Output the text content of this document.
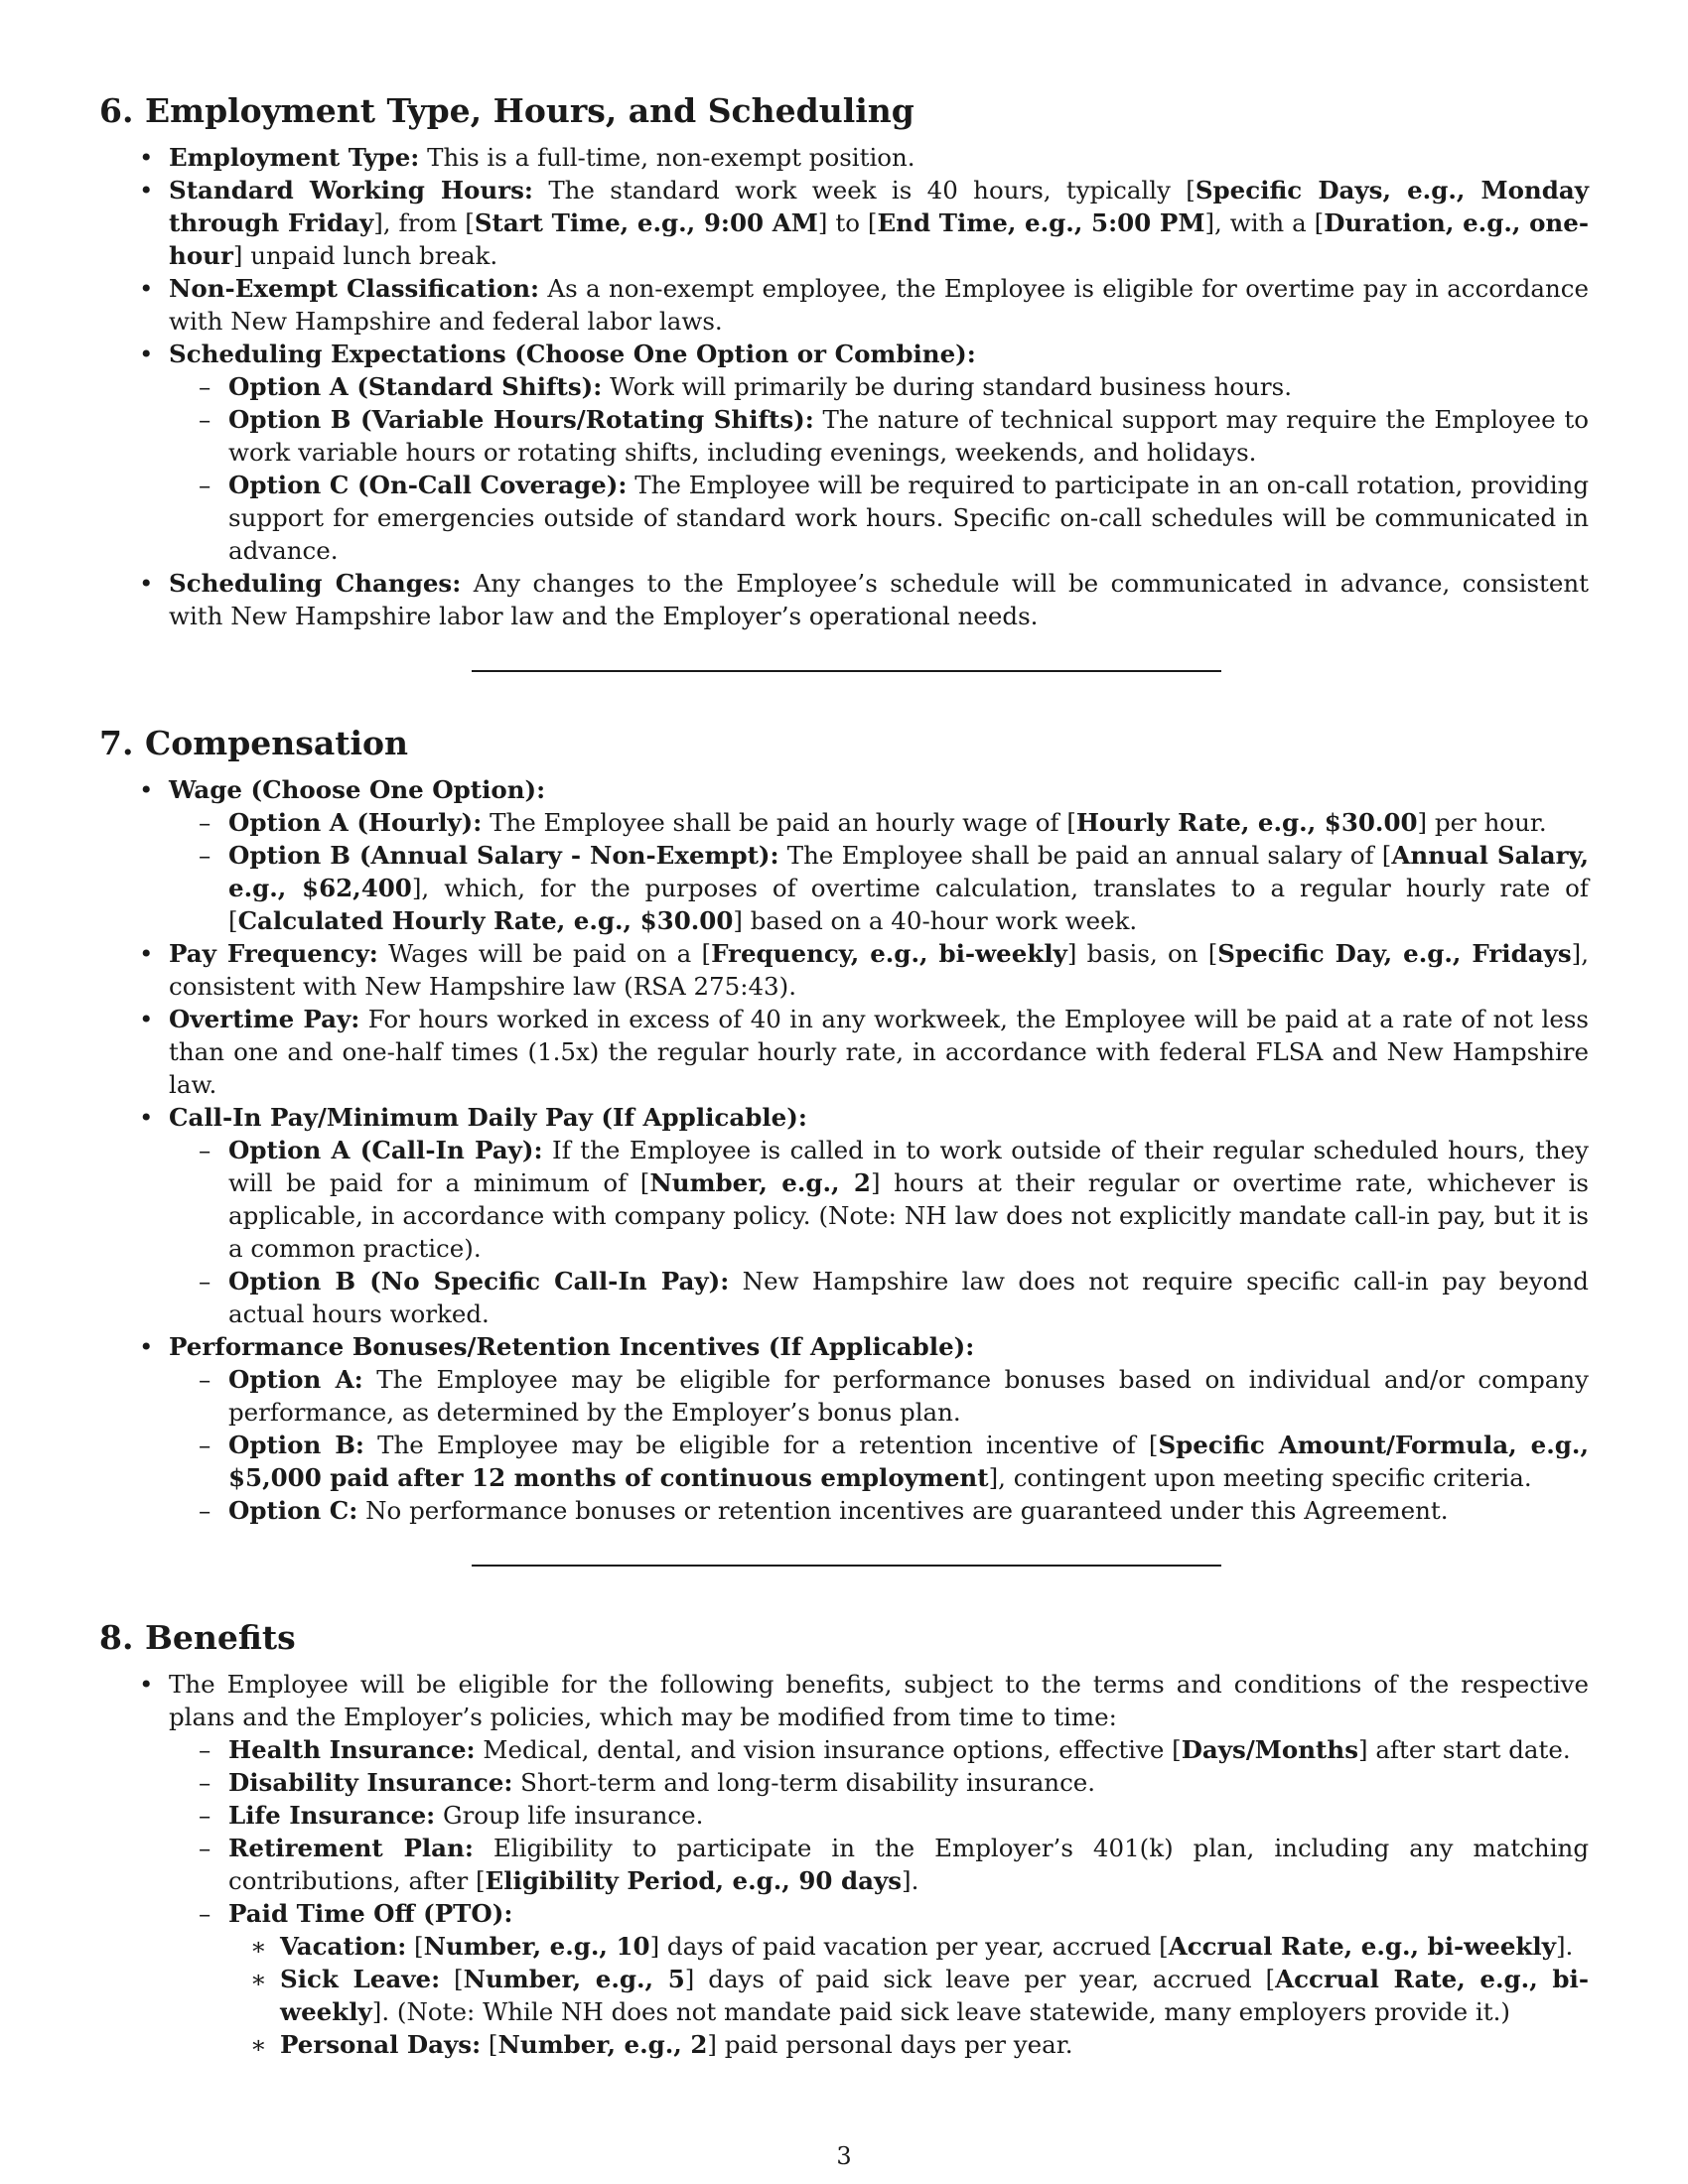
6. Employment Type, Hours, and Scheduling
• Employment Type: This is a full-time, non-exempt position.
• Standard Working Hours: The standard work week is 40 hours, typically [Specific Days, e.g., Monday through Friday], from [Start Time, e.g., 9:00 AM] to [End Time, e.g., 5:00 PM], with a [Duration, e.g., one-hour] unpaid lunch break.
• Non-Exempt Classification: As a non-exempt employee, the Employee is eligible for overtime pay in accordance with New Hampshire and federal labor laws.
• Scheduling Expectations (Choose One Option or Combine):
– Option A (Standard Shifts): Work will primarily be during standard business hours.
– Option B (Variable Hours/Rotating Shifts): The nature of technical support may require the Employee to work variable hours or rotating shifts, including evenings, weekends, and holidays.
– Option C (On-Call Coverage): The Employee will be required to participate in an on-call rotation, providing support for emergencies outside of standard work hours. Specific on-call schedules will be communicated in advance.
• Scheduling Changes: Any changes to the Employee’s schedule will be communicated in advance, consistent with New Hampshire labor law and the Employer’s operational needs.
7. Compensation
• Wage (Choose One Option):
– Option A (Hourly): The Employee shall be paid an hourly wage of [Hourly Rate, e.g., $30.00] per hour.
– Option B (Annual Salary - Non-Exempt): The Employee shall be paid an annual salary of [Annual Salary, e.g., $62,400], which, for the purposes of overtime calculation, translates to a regular hourly rate of [Calculated Hourly Rate, e.g., $30.00] based on a 40-hour work week.
• Pay Frequency: Wages will be paid on a [Frequency, e.g., bi-weekly] basis, on [Specific Day, e.g., Fridays], consistent with New Hampshire law (RSA 275:43).
• Overtime Pay: For hours worked in excess of 40 in any workweek, the Employee will be paid at a rate of not less than one and one-half times (1.5x) the regular hourly rate, in accordance with federal FLSA and New Hampshire law.
• Call-In Pay/Minimum Daily Pay (If Applicable):
– Option A (Call-In Pay): If the Employee is called in to work outside of their regular scheduled hours, they will be paid for a minimum of [Number, e.g., 2] hours at their regular or overtime rate, whichever is applicable, in accordance with company policy. (Note: NH law does not explicitly mandate call-in pay, but it is a common practice).
– Option B (No Specific Call-In Pay): New Hampshire law does not require specific call-in pay beyond actual hours worked.
• Performance Bonuses/Retention Incentives (If Applicable):
– Option A: The Employee may be eligible for performance bonuses based on individual and/or company performance, as determined by the Employer’s bonus plan.
– Option B: The Employee may be eligible for a retention incentive of [Specific Amount/Formula, e.g., $5,000 paid after 12 months of continuous employment], contingent upon meeting specific criteria.
– Option C: No performance bonuses or retention incentives are guaranteed under this Agreement.
8. Benefits
• The Employee will be eligible for the following benefits, subject to the terms and conditions of the respective plans and the Employer’s policies, which may be modified from time to time:
– Health Insurance: Medical, dental, and vision insurance options, effective [Days/Months] after start date.
– Disability Insurance: Short-term and long-term disability insurance.
– Life Insurance: Group life insurance.
– Retirement Plan: Eligibility to participate in the Employer’s 401(k) plan, including any matching contributions, after [Eligibility Period, e.g., 90 days].
– Paid Time Off (PTO):
∗ Vacation: [Number, e.g., 10] days of paid vacation per year, accrued [Accrual Rate, e.g., bi-weekly].
∗ Sick Leave: [Number, e.g., 5] days of paid sick leave per year, accrued [Accrual Rate, e.g., bi-weekly]. (Note: While NH does not mandate paid sick leave statewide, many employers provide it.)
∗ Personal Days: [Number, e.g., 2] paid personal days per year.
3
